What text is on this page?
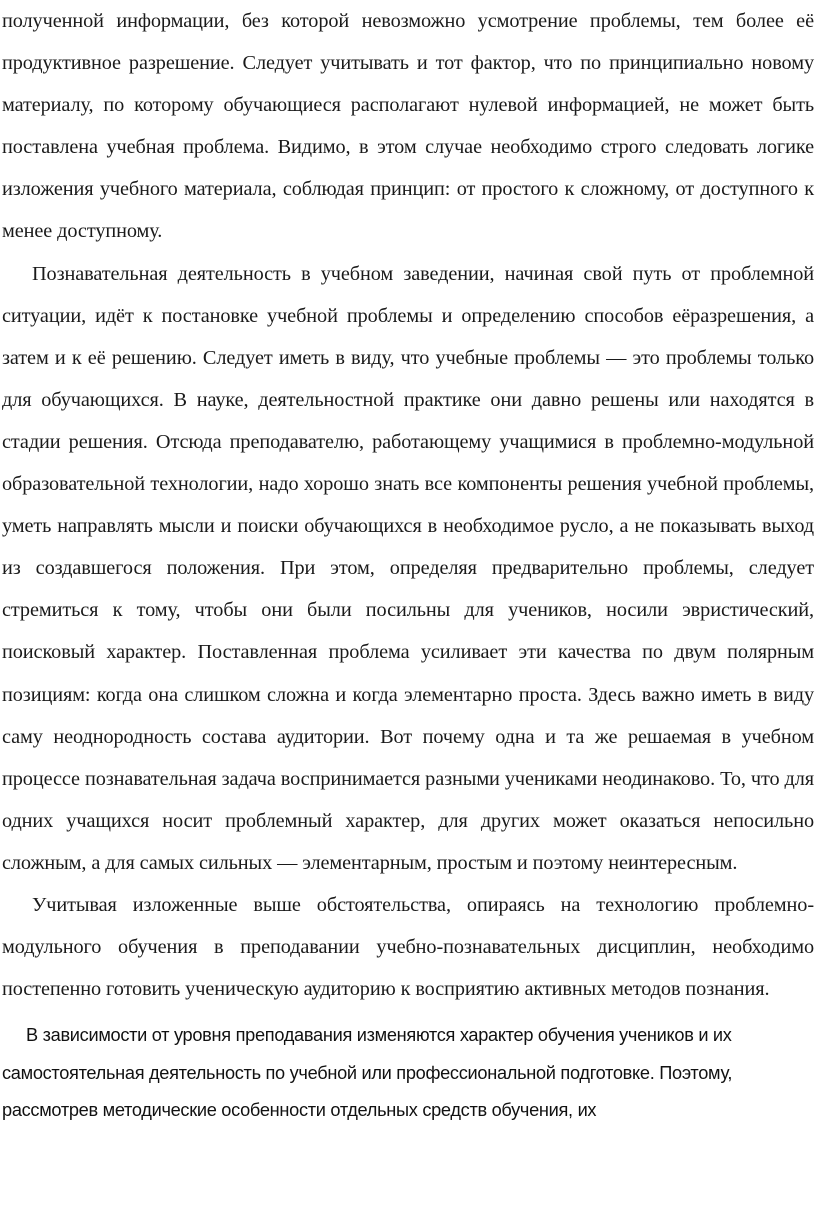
полученной информации, без которой невозможно усмотрение проблемы, тем более её продуктивное разрешение. Следует учитывать и тот фактор, что по принципиально новому материалу, по которому обучающиеся располагают нулевой информацией, не может быть поставлена учебная проблема. Видимо, в этом случае необходимо строго следовать логике изложения учебного материала, соблюдая принцип: от простого к сложному, от доступного к менее доступному.

Познавательная деятельность в учебном заведении, начиная свой путь от проблемной ситуации, идёт к постановке учебной проблемы и определению способов еёразрешения, а затем и к её решению. Следует иметь в виду, что учебные проблемы — это проблемы только для обучающихся. В науке, деятельностной практике они давно решены или находятся в стадии решения. Отсюда преподавателю, работающему учащимися в проблемно-модульной образовательной технологии, надо хорошо знать все компоненты решения учебной проблемы, уметь направлять мысли и поиски обучающихся в необходимое русло, а не показывать выход из создавшегося положения. При этом, определяя предварительно проблемы, следует стремиться к тому, чтобы они были посильны для учеников, носили эвристический, поисковый характер. Поставленная проблема усиливает эти качества по двум полярным позициям: когда она слишком сложна и когда элементарно проста. Здесь важно иметь в виду саму неоднородность состава аудитории. Вот почему одна и та же решаемая в учебном процессе познавательная задача воспринимается разными учениками неодинаково. То, что для одних учащихся носит проблемный характер, для других может оказаться непосильно сложным, а для самых сильных — элементарным, простым и поэтому неинтересным.

Учитывая изложенные выше обстоятельства, опираясь на технологию проблемно-модульного обучения в преподавании учебно-познавательных дисциплин, необходимо постепенно готовить ученическую аудиторию к восприятию активных методов познания.

В зависимости от уровня преподавания изменяются характер обучения учеников и их самостоятельная деятельность по учебной или профессиональной подготовке. Поэтому, рассмотрев методические особенности отдельных средств обучения, их
